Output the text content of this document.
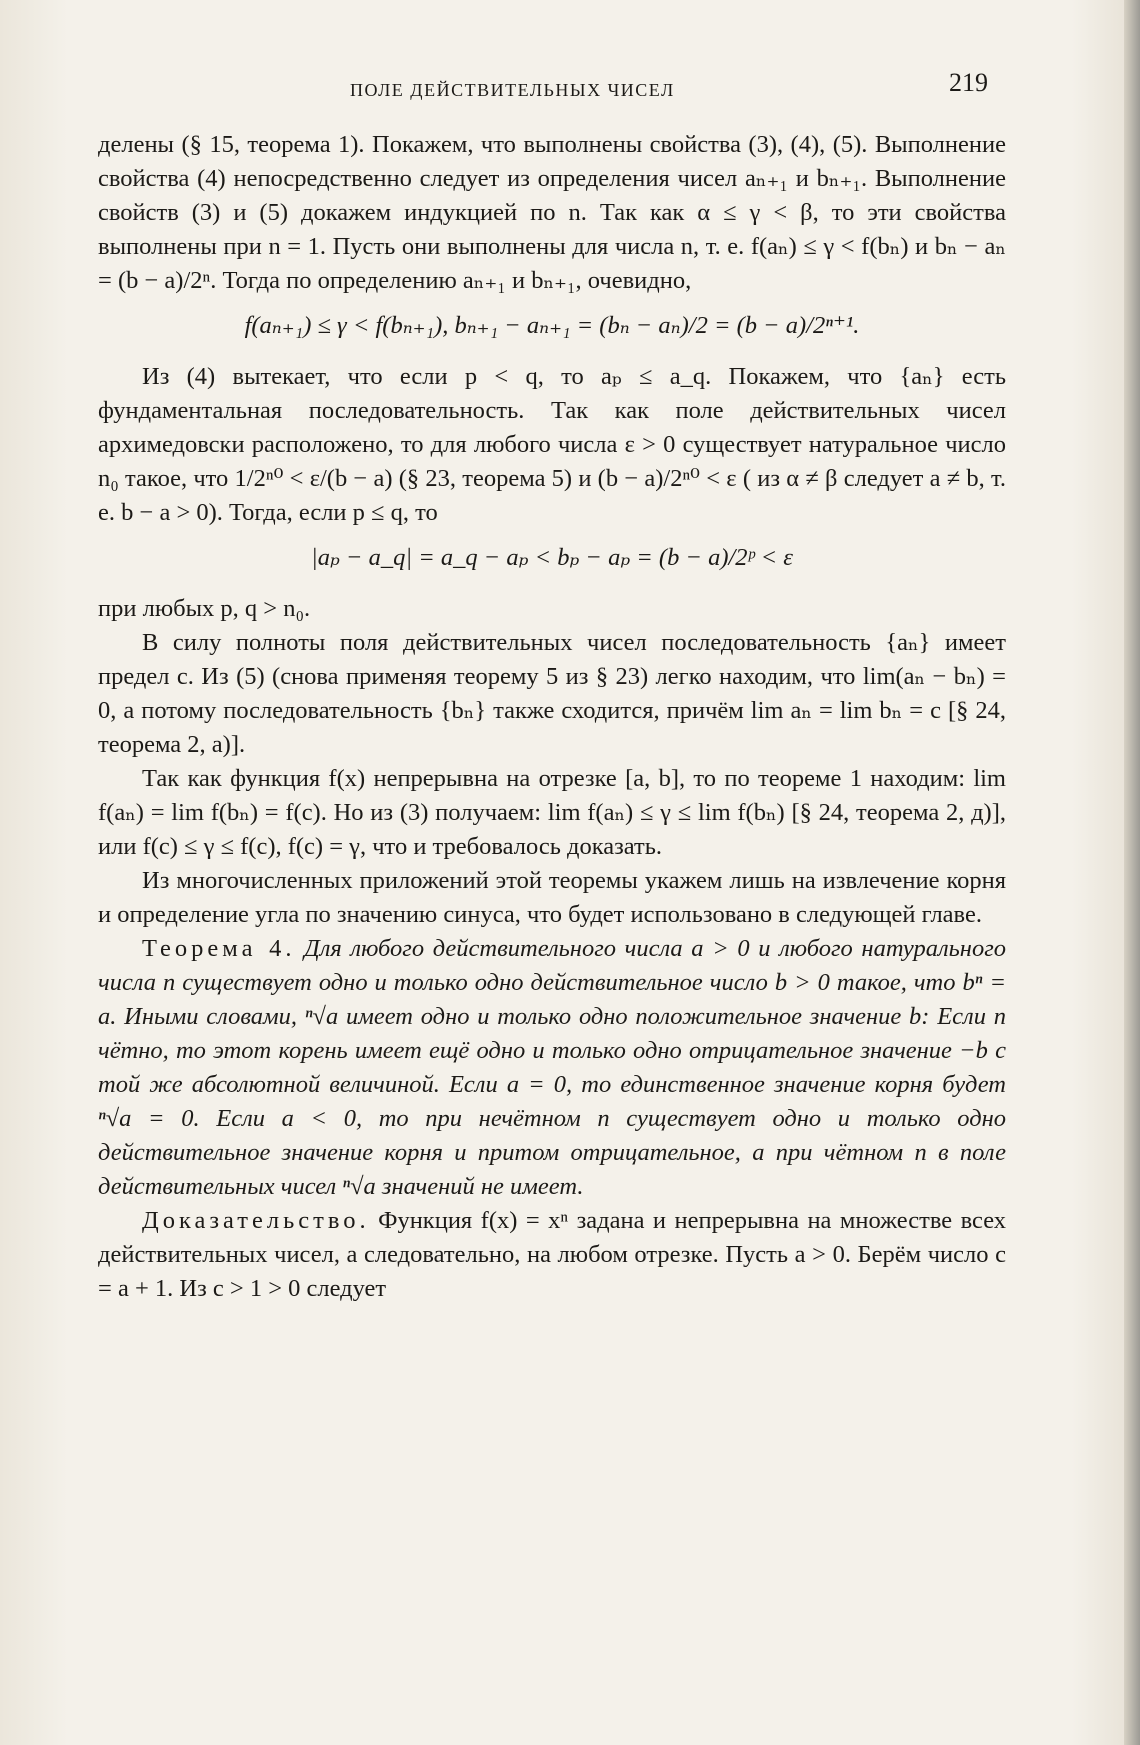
ПОЛЕ ДЕЙСТВИТЕЛЬНЫХ ЧИСЕЛ	219

делены (§ 15, теорема 1). Покажем, что выполнены свойства (3), (4), (5). Выполнение свойства (4) непосредственно следует из определения чисел aₙ₊₁ и bₙ₊₁. Выполнение свойств (3) и (5) докажем индукцией по n. Так как α ≤ γ < β, то эти свойства выполнены при n = 1. Пусть они выполнены для числа n, т. е. f(aₙ) ≤ γ < f(bₙ) и bₙ − aₙ = (b − a)/2ⁿ. Тогда по определению aₙ₊₁ и bₙ₊₁, очевидно,

f(aₙ₊₁) ≤ γ < f(bₙ₊₁), bₙ₊₁ − aₙ₊₁ = (bₙ − aₙ)/2 = (b − a)/2ⁿ⁺¹.

Из (4) вытекает, что если p < q, то aₚ ≤ a_q. Покажем, что {aₙ} есть фундаментальная последовательность. Так как поле действительных чисел архимедовски расположено, то для любого числа ε > 0 существует натуральное число n₀ такое, что 1/2ⁿ⁰ < ε/(b − a) (§ 23, теорема 5) и (b − a)/2ⁿ⁰ < ε ( из α ≠ β следует a ≠ b, т. е. b − a > 0). Тогда, если p ≤ q, то

|aₚ − a_q| = a_q − aₚ < bₚ − aₚ = (b − a)/2ᵖ < ε

при любых p, q > n₀.

В силу полноты поля действительных чисел последовательность {aₙ} имеет предел c. Из (5) (снова применяя теорему 5 из § 23) легко находим, что lim(aₙ − bₙ) = 0, а потому последовательность {bₙ} также сходится, причём lim aₙ = lim bₙ = c [§ 24, теорема 2, а)].

Так как функция f(x) непрерывна на отрезке [a, b], то по теореме 1 находим: lim f(aₙ) = lim f(bₙ) = f(c). Но из (3) получаем: lim f(aₙ) ≤ γ ≤ lim f(bₙ) [§ 24, теорема 2, д)], или f(c) ≤ γ ≤ f(c), f(c) = γ, что и требовалось доказать.

Из многочисленных приложений этой теоремы укажем лишь на извлечение корня и определение угла по значению синуса, что будет использовано в следующей главе.

Теорема 4. Для любого действительного числа a > 0 и любого натурального числа n существует одно и только одно действительное число b > 0 такое, что bⁿ = a. Иными словами, ⁿ√a имеет одно и только одно положительное значение b: Если n чётно, то этот корень имеет ещё одно и только одно отрицательное значение −b с той же абсолютной величиной. Если a = 0, то единственное значение корня будет ⁿ√a = 0. Если a < 0, то при нечётном n существует одно и только одно действительное значение корня и притом отрицательное, а при чётном n в поле действительных чисел ⁿ√a значений не имеет.

Доказательство. Функция f(x) = xⁿ задана и непрерывна на множестве всех действительных чисел, а следовательно, на любом отрезке. Пусть a > 0. Берём число c = a + 1. Из c > 1 > 0 следует
